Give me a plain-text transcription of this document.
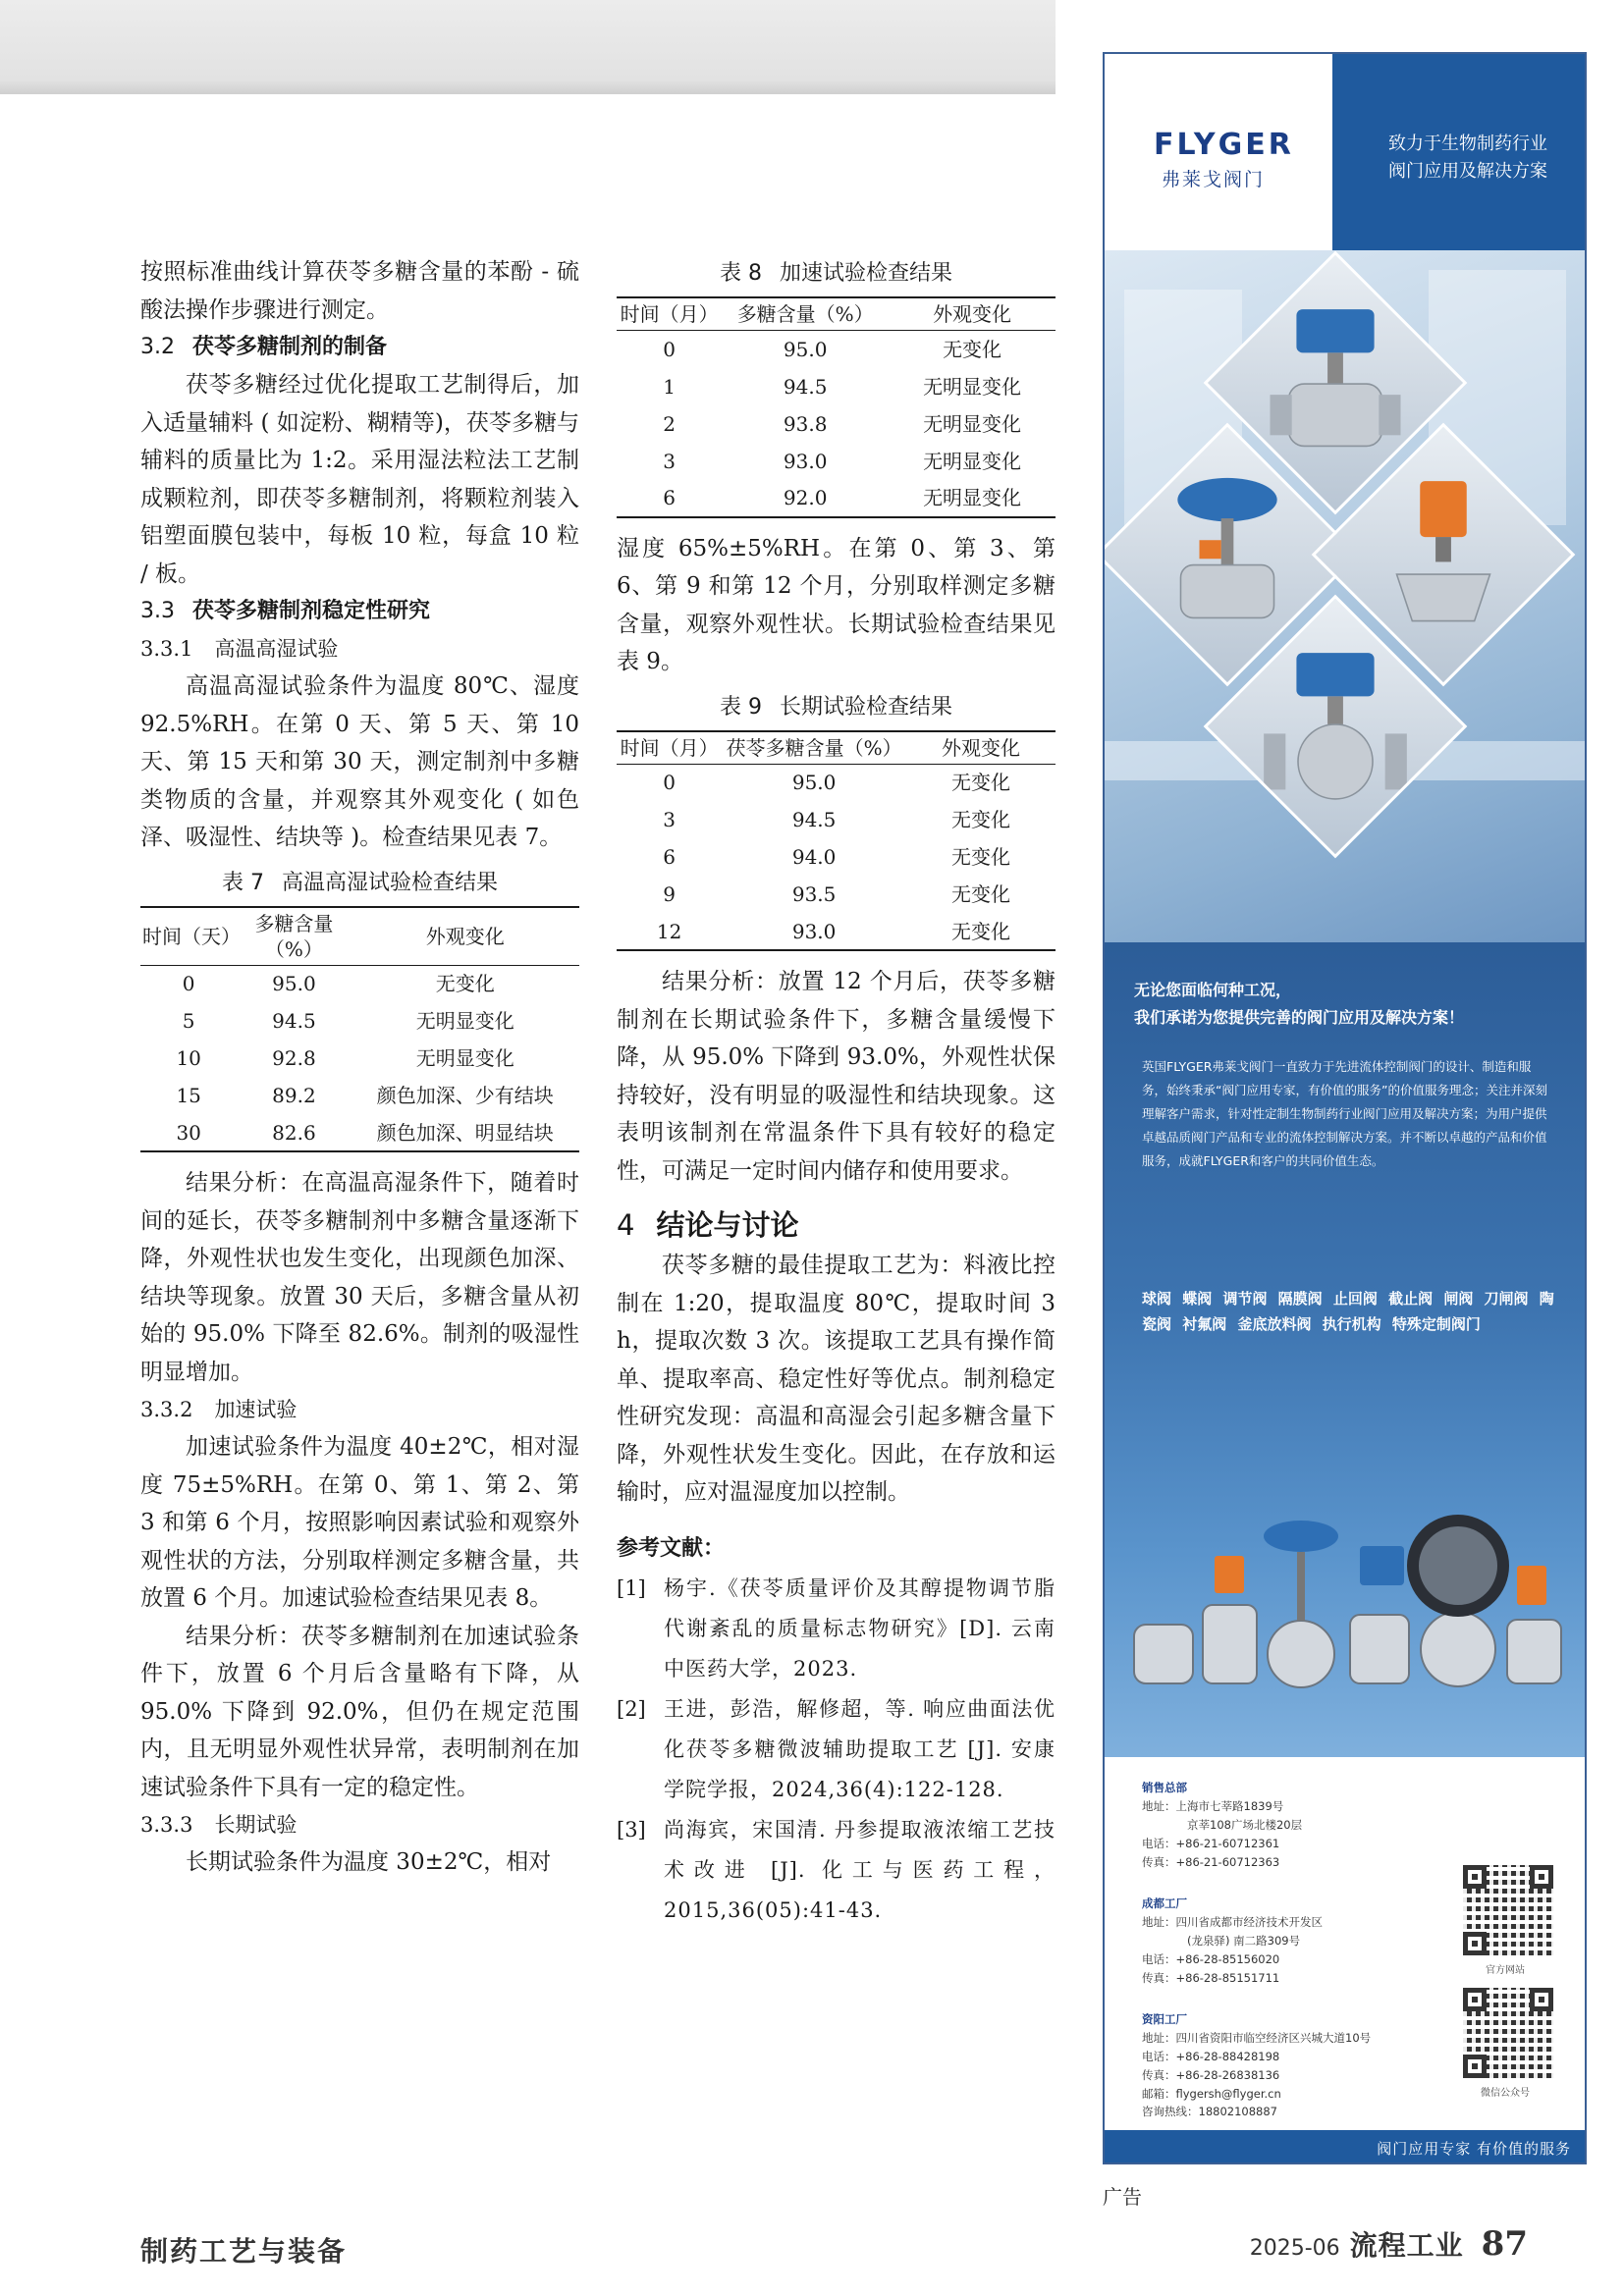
按照标准曲线计算茯苓多糖含量的苯酚 - 硫酸法操作步骤进行测定。

3.2 茯苓多糖制剂的制备

茯苓多糖经过优化提取工艺制得后，加入适量辅料 ( 如淀粉、糊精等)，茯苓多糖与辅料的质量比为 1:2。采用湿法粒法工艺制成颗粒剂，即茯苓多糖制剂，将颗粒剂装入铝塑面膜包装中，每板 10 粒，每盒 10 粒 / 板。

3.3 茯苓多糖制剂稳定性研究
3.3.1 高温高湿试验

高温高湿试验条件为温度 80℃、湿度 92.5%RH。在第 0 天、第 5 天、第 10 天、第 15 天和第 30 天，测定制剂中多糖类物质的含量，并观察其外观变化 ( 如色泽、吸湿性、结块等 )。检查结果见表 7。

表 7 高温高湿试验检查结果
时间（天）	多糖含量（%）	外观变化
0	95.0	无变化
5	94.5	无明显变化
10	92.8	无明显变化
15	89.2	颜色加深、少有结块
30	82.6	颜色加深、明显结块

结果分析：在高温高湿条件下，随着时间的延长，茯苓多糖制剂中多糖含量逐渐下降，外观性状也发生变化，出现颜色加深、结块等现象。放置 30 天后，多糖含量从初始的 95.0% 下降至 82.6%。制剂的吸湿性明显增加。

3.3.2 加速试验

加速试验条件为温度 40±2℃，相对湿度 75±5%RH。在第 0、第 1、第 2、第 3 和第 6 个月，按照影响因素试验和观察外观性状的方法，分别取样测定多糖含量，共放置 6 个月。加速试验检查结果见表 8。

结果分析：茯苓多糖制剂在加速试验条件下，放置 6 个月后含量略有下降，从 95.0% 下降到 92.0%，但仍在规定范围内，且无明显外观性状异常，表明制剂在加速试验条件下具有一定的稳定性。

3.3.3 长期试验

长期试验条件为温度 30±2℃，相对

表 8 加速试验检查结果
时间（月）	多糖含量（%）	外观变化
0	95.0	无变化
1	94.5	无明显变化
2	93.8	无明显变化
3	93.0	无明显变化
6	92.0	无明显变化

湿度 65%±5%RH。在第 0、第 3、第 6、第 9 和第 12 个月，分别取样测定多糖含量，观察外观性状。长期试验检查结果见表 9。

表 9 长期试验检查结果
时间（月）	茯苓多糖含量（%）	外观变化
0	95.0	无变化
3	94.5	无变化
6	94.0	无变化
9	93.5	无变化
12	93.0	无变化

结果分析：放置 12 个月后，茯苓多糖制剂在长期试验条件下，多糖含量缓慢下降，从 95.0% 下降到 93.0%，外观性状保持较好，没有明显的吸湿性和结块现象。这表明该制剂在常温条件下具有较好的稳定性，可满足一定时间内储存和使用要求。

4 结论与讨论

茯苓多糖的最佳提取工艺为：料液比控制在 1:20，提取温度 80℃，提取时间 3 h，提取次数 3 次。该提取工艺具有操作简单、提取率高、稳定性好等优点。制剂稳定性研究发现：高温和高湿会引起多糖含量下降，外观性状发生变化。因此，在存放和运输时，应对温湿度加以控制。

参考文献：
[1] 杨宇.《茯苓质量评价及其醇提物调节脂代谢紊乱的质量标志物研究》[D]. 云南中医药大学，2023.
[2] 王进，彭浩，解修超，等. 响应曲面法优化茯苓多糖微波辅助提取工艺 [J]. 安康学院学报，2024,36(4):122-128.
[3] 尚海宾，宋国清. 丹参提取液浓缩工艺技术改进 [J]. 化工与医药工程，2015,36(05):41-43.
FLYGER
弗莱戈阀门
致力于生物制药行业
阀门应用及解决方案
无论您面临何种工况，
我们承诺为您提供完善的阀门应用及解决方案！
英国FLYGER弗莱戈阀门一直致力于先进流体控制阀门的设计、制造和服务，始终秉承“阀门应用专家，有价值的服务”的价值服务理念；关注并深刻理解客户需求，针对性定制生物制药行业阀门应用及解决方案；为用户提供卓越品质阀门产品和专业的流体控制解决方案。并不断以卓越的产品和价值服务，成就FLYGER和客户的共同价值生态。
球阀 蝶阀 调节阀 隔膜阀 止回阀 截止阀 闸阀 刀闸阀 陶瓷阀 衬氟阀 釜底放料阀 执行机构 特殊定制阀门
销售总部
地址：上海市七莘路1839号
京莘108广场北楼20层
电话：+86-21-60712361
传真：+86-21-60712363
成都工厂
地址：四川省成都市经济技术开发区
(龙泉驿) 南二路309号
电话：+86-28-85156020
传真：+86-28-85151711
资阳工厂
地址：四川省资阳市临空经济区兴城大道10号
电话：+86-28-88428198
传真：+86-28-26838136
邮箱：flygersh@flyger.cn
咨询热线：18802108887
官方网站
微信公众号
阀门应用专家 有价值的服务
广告
制药工艺与装备	2025-06 流程工业 87
